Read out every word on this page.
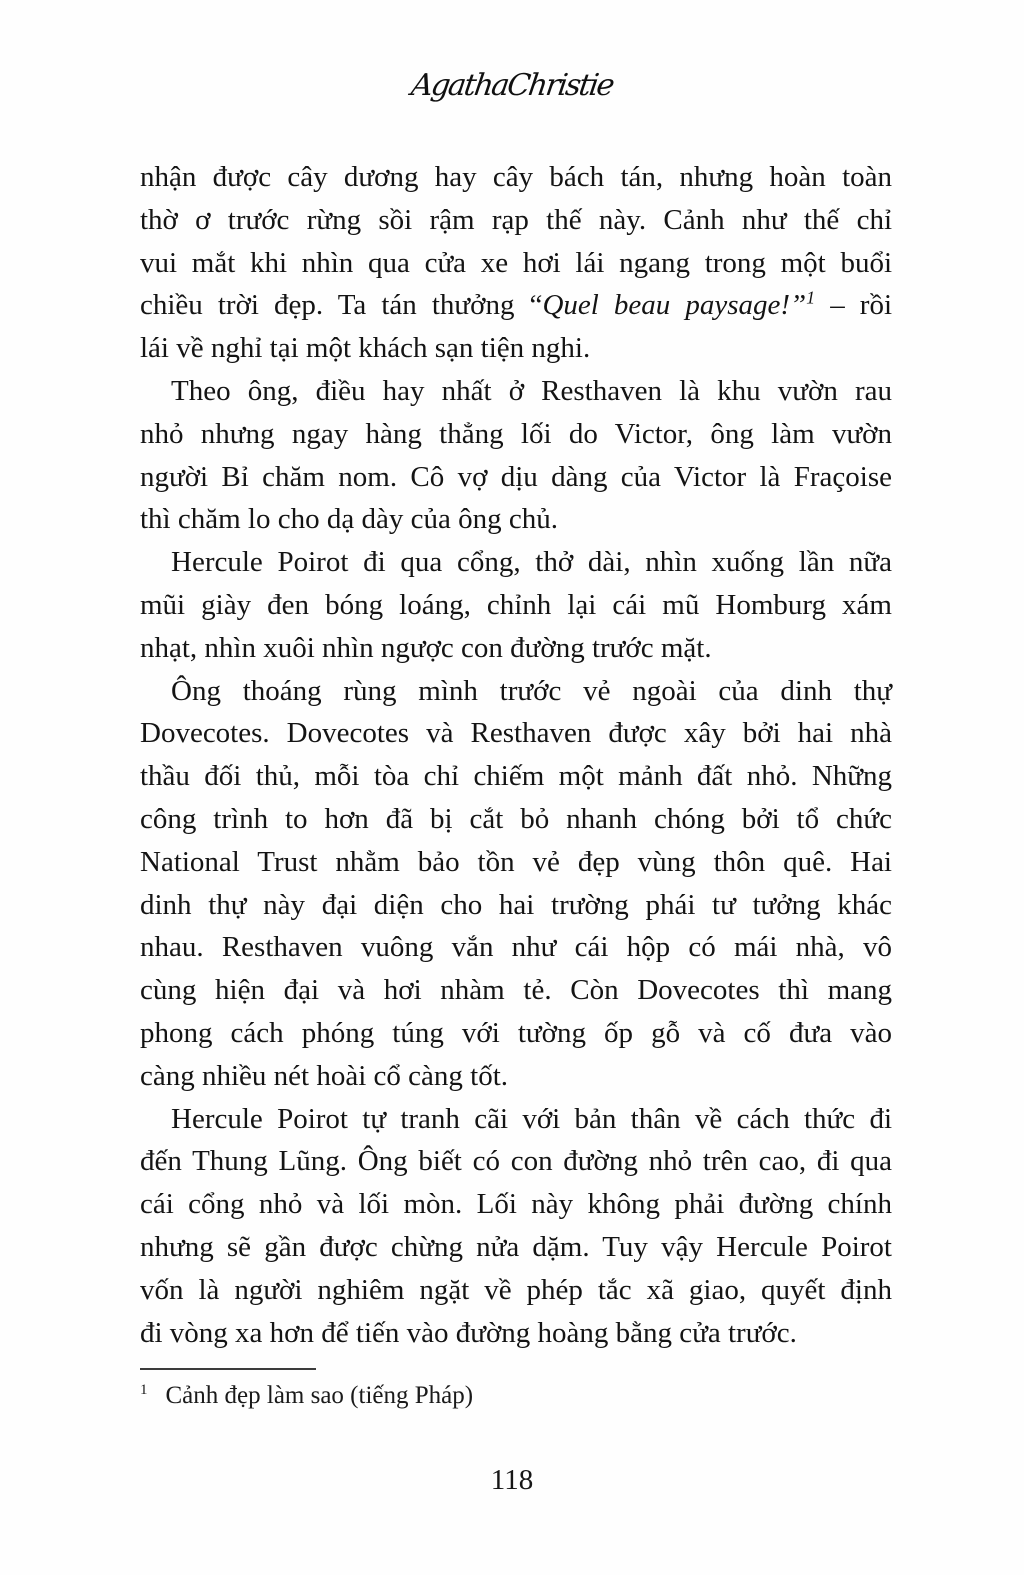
AgathaChristie
nhận được cây dương hay cây bách tán, nhưng hoàn toàn
thờ ơ trước rừng sồi rậm rạp thế này. Cảnh như thế chỉ
vui mắt khi nhìn qua cửa xe hơi lái ngang trong một buổi
chiều trời đẹp. Ta tán thưởng “Quel beau paysage!”$^1$ – rồi
lái về nghỉ tại một khách sạn tiện nghi.
Theo ông, điều hay nhất ở Resthaven là khu vườn rau
nhỏ nhưng ngay hàng thẳng lối do Victor, ông làm vườn
người Bỉ chăm nom. Cô vợ dịu dàng của Victor là Fraçoise
thì chăm lo cho dạ dày của ông chủ.
Hercule Poirot đi qua cổng, thở dài, nhìn xuống lần nữa
mũi giày đen bóng loáng, chỉnh lại cái mũ Homburg xám
nhạt, nhìn xuôi nhìn ngược con đường trước mặt.
Ông thoáng rùng mình trước vẻ ngoài của dinh thự
Dovecotes. Dovecotes và Resthaven được xây bởi hai nhà
thầu đối thủ, mỗi tòa chỉ chiếm một mảnh đất nhỏ. Những
công trình to hơn đã bị cắt bỏ nhanh chóng bởi tổ chức
National Trust nhằm bảo tồn vẻ đẹp vùng thôn quê. Hai
dinh thự này đại diện cho hai trường phái tư tưởng khác
nhau. Resthaven vuông vắn như cái hộp có mái nhà, vô
cùng hiện đại và hơi nhàm tẻ. Còn Dovecotes thì mang
phong cách phóng túng với tường ốp gỗ và cố đưa vào
càng nhiều nét hoài cổ càng tốt.
Hercule Poirot tự tranh cãi với bản thân về cách thức đi
đến Thung Lũng. Ông biết có con đường nhỏ trên cao, đi qua
cái cổng nhỏ và lối mòn. Lối này không phải đường chính
nhưng sẽ gần được chừng nửa dặm. Tuy vậy Hercule Poirot
vốn là người nghiêm ngặt về phép tắc xã giao, quyết định
đi vòng xa hơn để tiến vào đường hoàng bằng cửa trước.
$^1$ Cảnh đẹp làm sao (tiếng Pháp)
118
